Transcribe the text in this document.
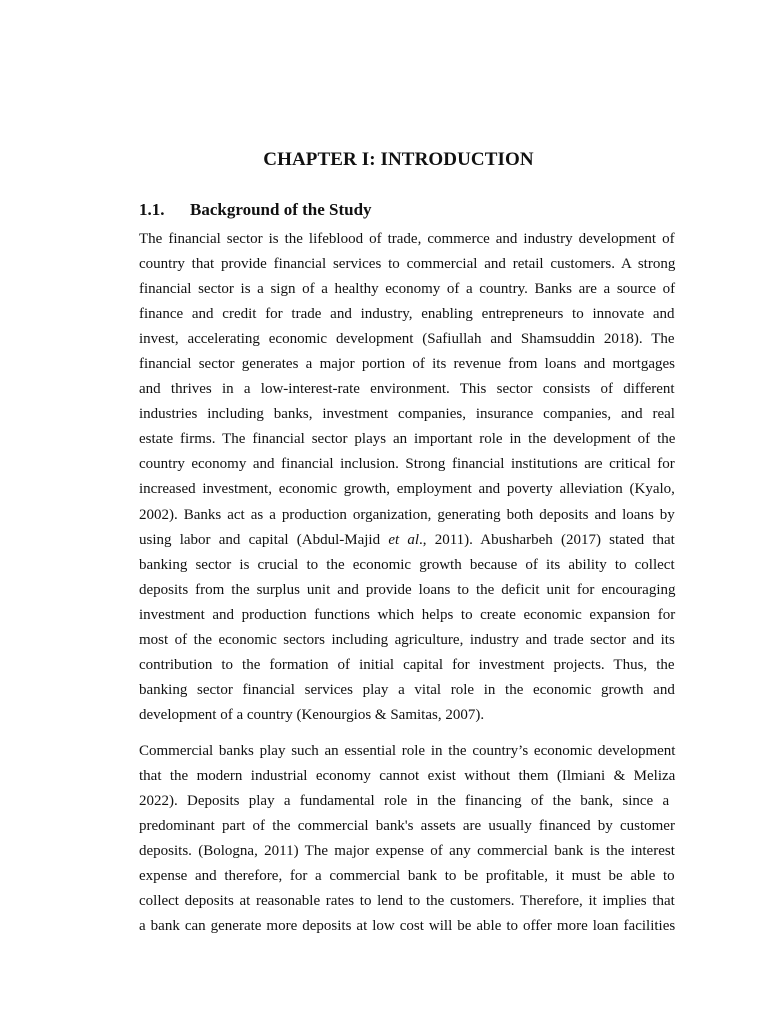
CHAPTER I: INTRODUCTION
1.1. Background of the Study
The financial sector is the lifeblood of trade, commerce and industry development of
country that provide financial services to commercial and retail customers. A strong
financial sector is a sign of a healthy economy of a country. Banks are a source of
finance and credit for trade and industry, enabling entrepreneurs to innovate and
invest, accelerating economic development (Safiullah and Shamsuddin 2018). The
financial sector generates a major portion of its revenue from loans and mortgages
and thrives in a low-interest-rate environment. This sector consists of different
industries including banks, investment companies, insurance companies, and real
estate firms. The financial sector plays an important role in the development of the
country economy and financial inclusion. Strong financial institutions are critical for
increased investment, economic growth, employment and poverty alleviation (Kyalo,
2002). Banks act as a production organization, generating both deposits and loans by
using labor and capital (Abdul-Majid et al., 2011). Abusharbeh (2017) stated that
banking sector is crucial to the economic growth because of its ability to collect
deposits from the surplus unit and provide loans to the deficit unit for encouraging
investment and production functions which helps to create economic expansion for
most of the economic sectors including agriculture, industry and trade sector and its
contribution to the formation of initial capital for investment projects. Thus, the
banking sector financial services play a vital role in the economic growth and
development of a country (Kenourgios & Samitas, 2007).
Commercial banks play such an essential role in the country’s economic development
that the modern industrial economy cannot exist without them (Ilmiani & Meliza
2022). Deposits play a fundamental role in the financing of the bank, since a
predominant part of the commercial bank's assets are usually financed by customer
deposits. (Bologna, 2011) The major expense of any commercial bank is the interest
expense and therefore, for a commercial bank to be profitable, it must be able to
collect deposits at reasonable rates to lend to the customers. Therefore, it implies that
a bank can generate more deposits at low cost will be able to offer more loan facilities
